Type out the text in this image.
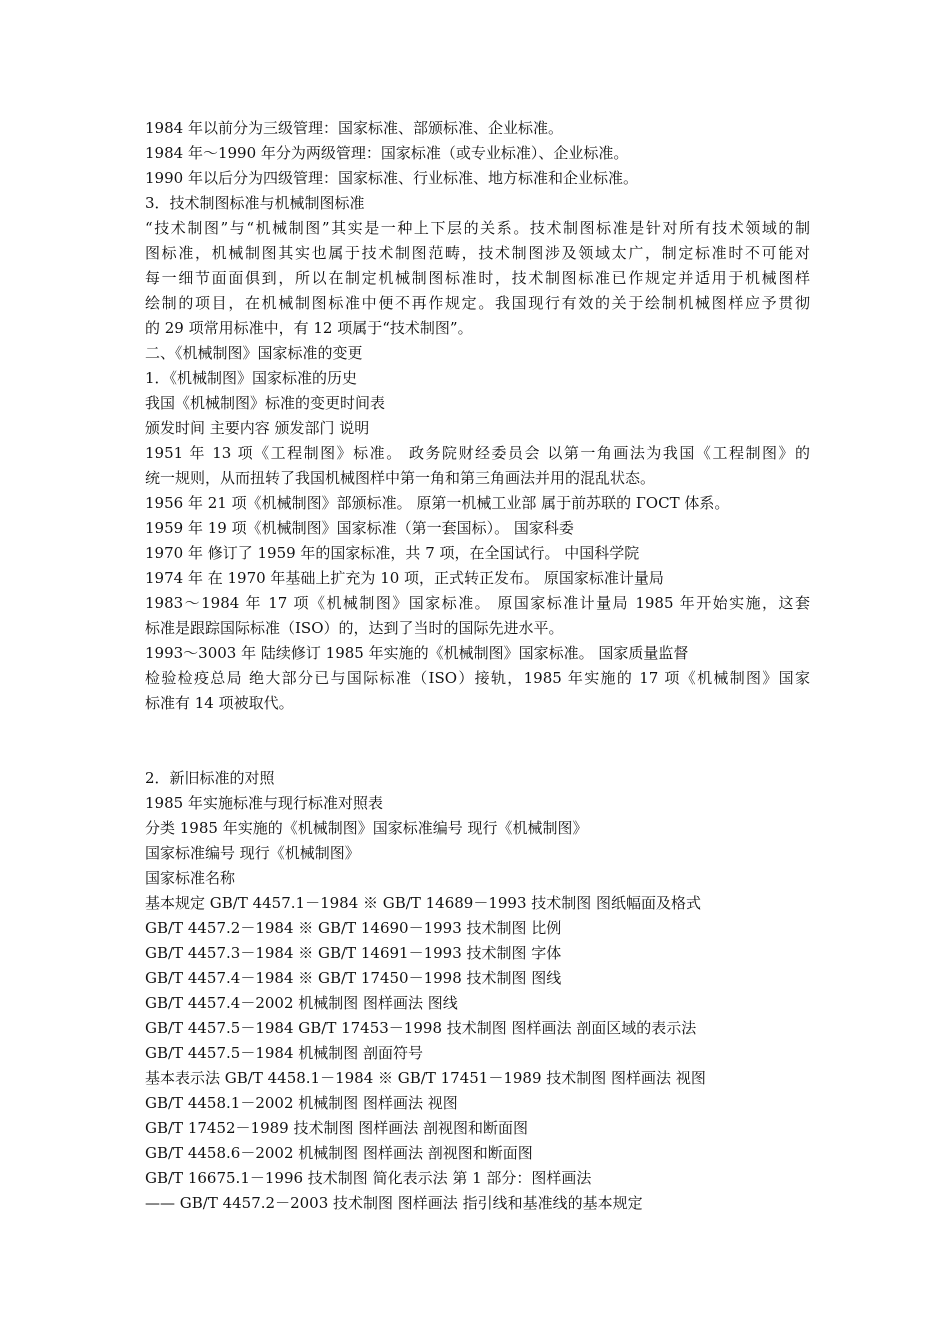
1984 年以前分为三级管理：国家标准、部颁标准、企业标准。

1984 年～1990 年分为两级管理：国家标准（或专业标准）、企业标准。

1990 年以后分为四级管理：国家标准、行业标准、地方标准和企业标准。

3．技术制图标准与机械制图标准

“技术制图”与“机械制图”其实是一种上下层的关系。技术制图标准是针对所有技术领域的制

图标准，机械制图其实也属于技术制图范畴，技术制图涉及领域太广，制定标准时不可能对

每一细节面面俱到，所以在制定机械制图标准时，技术制图标准已作规定并适用于机械图样

绘制的项目，在机械制图标准中便不再作规定。我国现行有效的关于绘制机械图样应予贯彻

的 29 项常用标准中，有 12 项属于“技术制图”。

二、《机械制图》国家标准的变更

1．《机械制图》国家标准的历史

我国《机械制图》标准的变更时间表

颁发时间 主要内容 颁发部门 说明

1951 年 13 项《工程制图》标准。 政务院财经委员会 以第一角画法为我国《工程制图》的

统一规则，从而扭转了我国机械图样中第一角和第三角画法并用的混乱状态。

1956 年 21 项《机械制图》部颁标准。 原第一机械工业部 属于前苏联的 ГОСТ 体系。

1959 年 19 项《机械制图》国家标准（第一套国标）。 国家科委

1970 年 修订了 1959 年的国家标准，共 7 项，在全国试行。 中国科学院

1974 年 在 1970 年基础上扩充为 10 项，正式转正发布。 原国家标准计量局

1983～1984 年 17 项《机械制图》国家标准。 原国家标准计量局 1985 年开始实施，这套

标准是跟踪国际标准（ISO）的，达到了当时的国际先进水平。

1993～3003 年 陆续修订 1985 年实施的《机械制图》国家标准。 国家质量监督

检验检疫总局 绝大部分已与国际标准（ISO）接轨，1985 年实施的 17 项《机械制图》国家

标准有 14 项被取代。

2．新旧标准的对照

1985 年实施标准与现行标准对照表

分类 1985 年实施的《机械制图》国家标准编号 现行《机械制图》

国家标准编号 现行《机械制图》

国家标准名称

基本规定 GB/T 4457.1－1984 ※ GB/T 14689－1993 技术制图 图纸幅面及格式

GB/T 4457.2－1984 ※ GB/T 14690－1993 技术制图 比例

GB/T 4457.3－1984 ※ GB/T 14691－1993 技术制图 字体

GB/T 4457.4－1984 ※ GB/T 17450－1998 技术制图 图线

GB/T 4457.4－2002 机械制图 图样画法 图线

GB/T 4457.5－1984 GB/T 17453－1998 技术制图 图样画法 剖面区域的表示法

GB/T 4457.5－1984 机械制图 剖面符号

基本表示法 GB/T 4458.1－1984 ※ GB/T 17451－1989 技术制图 图样画法 视图

GB/T 4458.1－2002 机械制图 图样画法 视图

GB/T 17452－1989 技术制图 图样画法 剖视图和断面图

GB/T 4458.6－2002 机械制图 图样画法 剖视图和断面图

GB/T 16675.1－1996 技术制图 简化表示法 第 1 部分：图样画法

—— GB/T 4457.2－2003 技术制图 图样画法 指引线和基准线的基本规定
